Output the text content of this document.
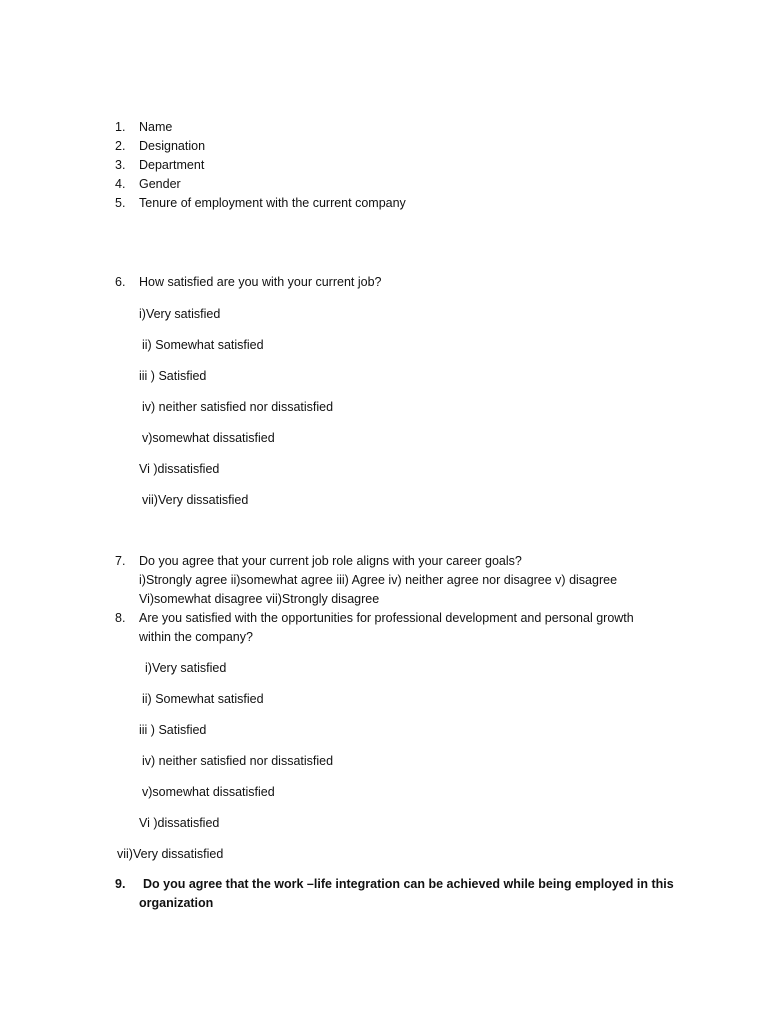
1.	Name
2.	Designation
3.	Department
4.	Gender
5.	Tenure of employment with the current company
6.	How satisfied are you with your current job?
i)Very satisfied
ii) Somewhat satisfied
iii ) Satisfied
iv) neither satisfied nor dissatisfied
v)somewhat dissatisfied
Vi )dissatisfied
vii)Very dissatisfied
7.	Do you agree that your current job role aligns with your career goals?
i)Strongly agree ii)somewhat agree iii) Agree iv) neither agree nor disagree v) disagree
Vi)somewhat disagree vii)Strongly disagree
8.	Are you satisfied with the opportunities for professional development and personal growth
within the company?
i)Very satisfied
ii) Somewhat satisfied
iii ) Satisfied
iv) neither satisfied nor dissatisfied
v)somewhat dissatisfied
Vi )dissatisfied
vii)Very dissatisfied
9.	Do you agree that the work –life integration can be achieved while being employed in this
organization
